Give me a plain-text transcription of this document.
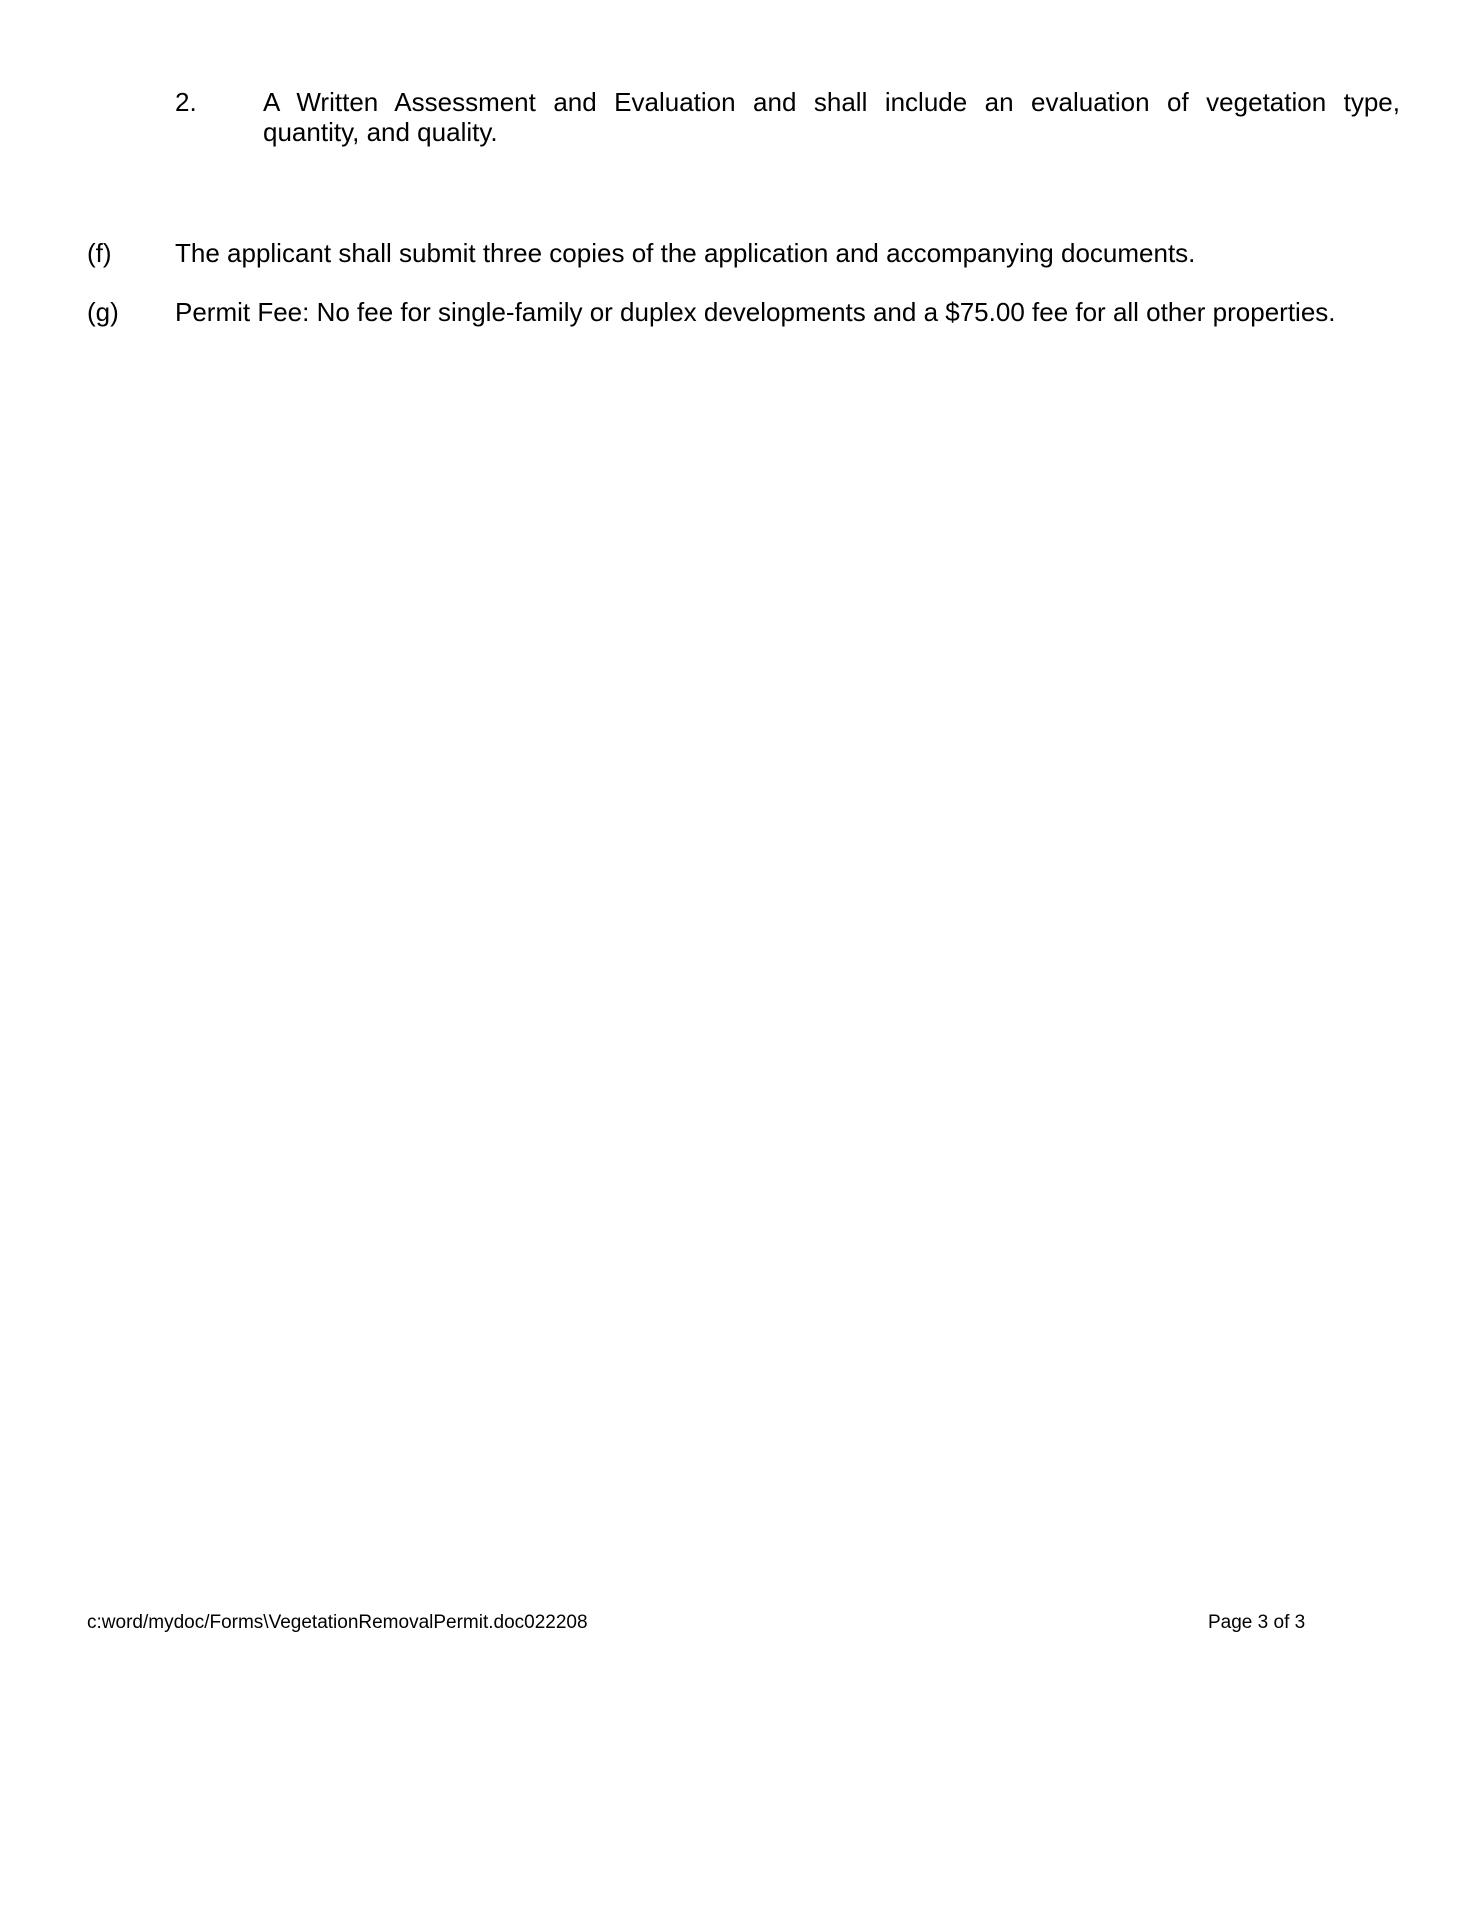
2.	A Written Assessment and Evaluation and shall include an evaluation of vegetation type,
quantity, and quality.
(f) The applicant shall submit three copies of the application and accompanying documents.
(g) Permit Fee: No fee for single-family or duplex developments and a $75.00 fee for all other properties.
c:word/mydoc/Forms\VegetationRemovalPermit.doc022208	Page 3 of 3
